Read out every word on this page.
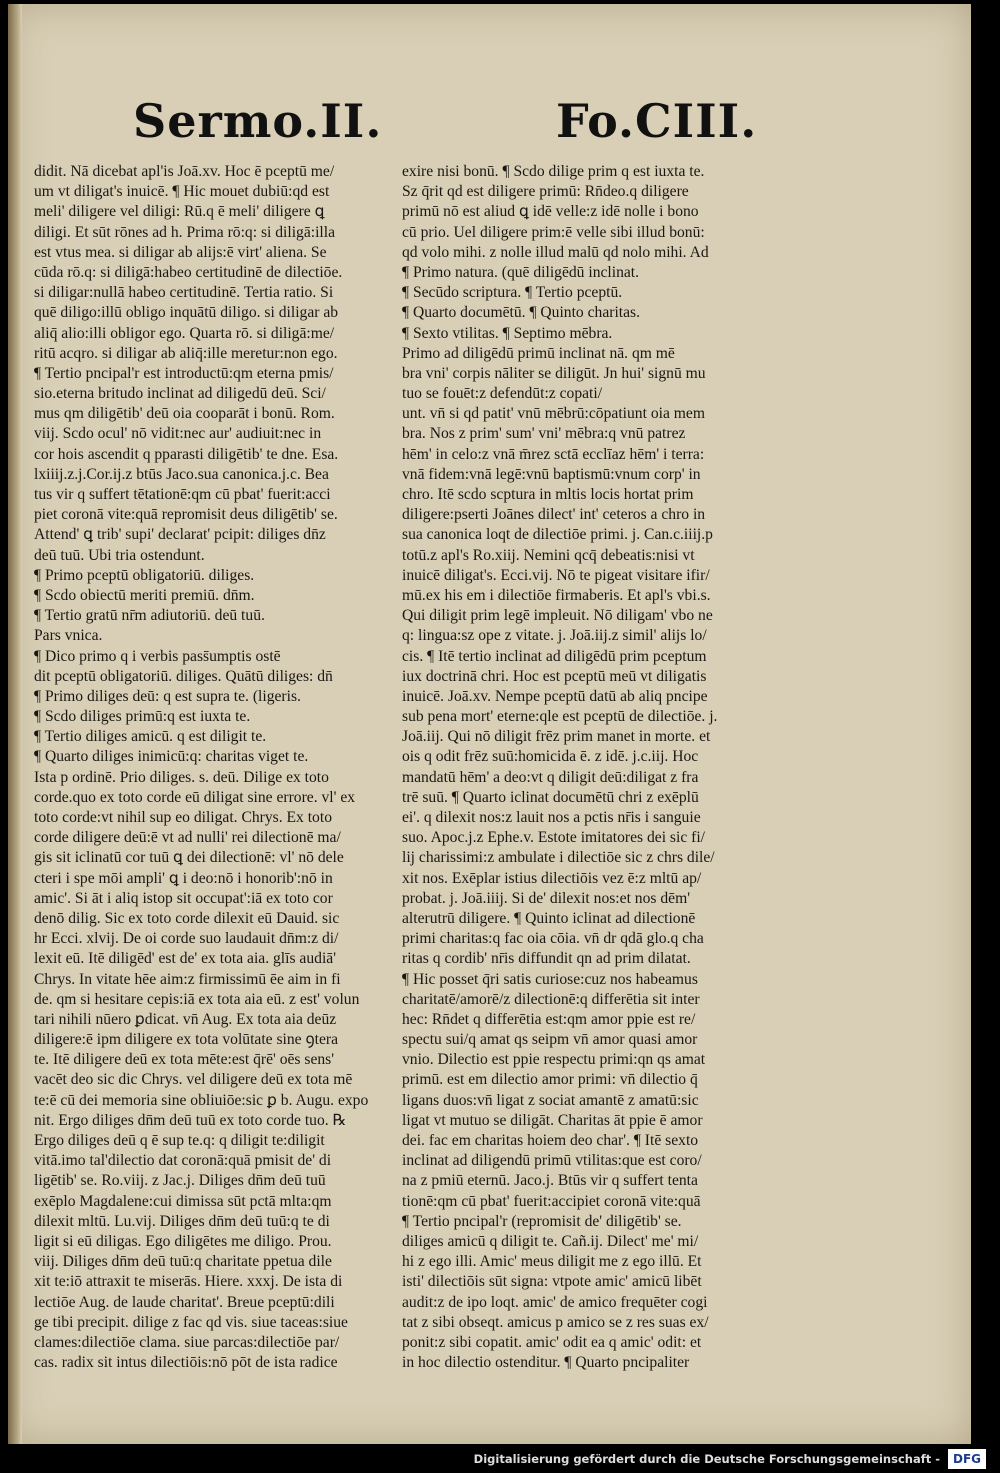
Sermo.II.	Fo.CIII.
didit. Nā dicebat apl'is Joā.xv. Hoc ē pceptū me/
um vt diligat's inuicē. ¶ Hic mouet dubiū:qd est
meli' diligere vel diligi: Rū.q ē meli' diligere ꝗ
diligi. Et sūt rōnes ad h. Prima rō:q: si diligā:illa
est vtus mea. si diligar ab alijs:ē virt' aliena. Se
cūda rō.q: si diligā:habeo certitudinē de dilectiōe.
si diligar:nullā habeo certitudinē. Tertia ratio. Si
quē diligo:illū obligo inquātū diligo. si diligar ab
aliq̄ alio:illi obligor ego. Quarta rō. si diligā:me/
ritū acqro. si diligar ab aliq̄:ille meretur:non ego.
¶ Tertio pncipal'r est introductū:qm eterna pmis/
sio.eterna britudo inclinat ad diligedū deū. Sci/
mus qm diligētib' deū oia cooparāt i bonū. Rom.
viij. Scdo ocul' nō vidit:nec aur' audiuit:nec in
cor hois ascendit q pparasti diligētib' te dne. Esa.
lxiiij.z.j.Cor.ij.z btūs Jaco.sua canonica.j.c. Bea
tus vir q suffert tētationē:qm cū pbat' fuerit:acci
piet coronā vite:quā repromisit deus diligētib' se.
Attend' ꝗ trib' supi' declarat' pcipit: diliges dn̄z
deū tuū. Ubi tria ostendunt.
¶ Primo pceptū obligatoriū. diliges.
¶ Scdo obiectū meriti premiū. dn̄m.
¶ Tertio gratū nr̄m adiutoriū. deū tuū.
Pars vnica.
¶ Dico primo q i verbis pass̄umptis ostē
dit pceptū obligatoriū. diliges. Quātū diliges: dn̄
¶ Primo diliges deū: q est supra te. (ligeris.
¶ Scdo diliges primū:q est iuxta te.
¶ Tertio diliges amicū. q est diligit te.
¶ Quarto diliges inimicū:q: charitas viget te.
Ista p ordinē. Prio diliges. s. deū. Dilige ex toto
corde.quo ex toto corde eū diligat sine errore. vl' ex
toto corde:vt nihil sup eo diligat. Chrys. Ex toto
corde diligere deū:ē vt ad nulli' rei dilectionē ma/
gis sit iclinatū cor tuū ꝗ dei dilectionē: vl' nō dele
cteri i spe mōi ampli' ꝗ i deo:nō i honorib':nō in
amic'. Si āt i aliq istop sit occupat':iā ex toto cor
denō dilig. Sic ex toto corde dilexit eū Dauid. sic
hr Ecci. xlvij. De oi corde suo laudauit dn̄m:z di/
lexit eū. Itē diligēd' est de' ex tota aia. glīs audiā'
Chrys. In vitate hēe aim:z firmissimū ēe aim in fi
de. qm si hesitare cepis:iā ex tota aia eū. z est' volun
tari nihili nūero ꝑdicat. vn̄ Aug. Ex tota aia deūz
diligere:ē ipm diligere ex tota volūtate sine ꝯtera
te. Itē diligere deū ex tota mēte:est q̄rē' oēs sens'
vacēt deo sic dic Chrys. vel diligere deū ex tota mē
te:ē cū dei memoria sine obliuiōe:sic ꝑ b. Augu. expo
nit. Ergo diliges dn̄m deū tuū ex toto corde tuo. ℞
Ergo diliges deū q ē sup te.q: q diligit te:diligit
vitā.imo tal'dilectio dat coronā:quā pmisit de' di
ligētib' se. Ro.viij. z Jac.j. Diliges dn̄m deū tuū
exēplo Magdalene:cui dimissa sūt pctā mlta:qm
dilexit mltū. Lu.vij. Diliges dn̄m deū tuū:q te di
ligit si eū diligas. Ego diligētes me diligo. Prou.
viij. Diliges dn̄m deū tuū:q charitate ppetua dile
xit te:iō attraxit te miserās. Hiere. xxxj. De ista di
lectiōe Aug. de laude charitat'. Breue pceptū:dili
ge tibi precipit. dilige z fac qd vis. siue taceas:siue
clames:dilectiōe clama. siue parcas:dilectiōe par/
cas. radix sit intus dilectiōis:nō pōt de ista radice
exire nisi bonū. ¶ Scdo dilige prim q est iuxta te.
Sz q̄rit qd est diligere primū: Rn̄deo.q diligere
primū nō est aliud ꝗ idē velle:z idē nolle i bono
cū prio. Uel diligere prim:ē velle sibi illud bonū:
qd volo mihi. z nolle illud malū qd nolo mihi. Ad
¶ Primo natura. (quē diligēdū inclinat.
¶ Secūdo scriptura. ¶ Tertio pceptū.
¶ Quarto documētū. ¶ Quinto charitas.
¶ Sexto vtilitas. ¶ Septimo mēbra.
Primo ad diligēdū primū inclinat nā. qm mē
bra vni' corpis nāliter se diligūt. Jn hui' signū mu
tuo se fouēt:z defendūt:z copati/
unt. vn̄ si qd patit' vnū mēbrū:cōpatiunt oia mem
bra. Nos z prim' sum' vni' mēbra:q vnū patrez
hēm' in celo:z vnā m̄rez sctā ecclīaz hēm' i terra:
vnā fidem:vnā legē:vnū baptismū:vnum corp' in
chro. Itē scdo scptura in mltis locis hortat prim
diligere:pserti Joānes dilect' int' ceteros a chro in
sua canonica loqt de dilectiōe primi. j. Can.c.iiij.p
totū.z apl's Ro.xiij. Nemini qcq̄ debeatis:nisi vt
inuicē diligat's. Ecci.vij. Nō te pigeat visitare ifir/
mū.ex his em i dilectiōe firmaberis. Et apl's vbi.s.
Qui diligit prim legē impleuit. Nō diligam' vbo ne
q: lingua:sz ope z vitate. j. Joā.iij.z simil' alijs lo/
cis. ¶ Itē tertio inclinat ad diligēdū prim pceptum
iux doctrinā chri. Hoc est pceptū meū vt diligatis
inuicē. Joā.xv. Nempe pceptū datū ab aliq pncipe
sub pena mort' eterne:qle est pceptū de dilectiōe. j.
Joā.iij. Qui nō diligit frēz prim manet in morte. et
ois q odit frēz suū:homicida ē. z idē. j.c.iij. Hoc
mandatū hēm' a deo:vt q diligit deū:diligat z fra
trē suū. ¶ Quarto iclinat documētū chri z exēplū
ei'. q dilexit nos:z lauit nos a pctis nr̄is i sanguie
suo. Apoc.j.z Ephe.v. Estote imitatores dei sic fi/
lij charissimi:z ambulate i dilectiōe sic z chrs dile/
xit nos. Exēplar istius dilectiōis vez ē:z mltū ap/
probat. j. Joā.iiij. Si de' dilexit nos:et nos dēm'
alterutrū diligere. ¶ Quinto iclinat ad dilectionē
primi charitas:q fac oia cōia. vn̄ dr qdā glo.q cha
ritas q cordib' nr̄is diffundit qn ad prim dilatat.
¶ Hic posset q̄ri satis curiose:cuz nos habeamus
charitatē/amorē/z dilectionē:q differētia sit inter
hec: Rn̄det q differētia est:qm amor ppie est re/
spectu sui/q amat qs seipm vn̄ amor quasi amor
vnio. Dilectio est ppie respectu primi:qn qs amat
primū. est em dilectio amor primi: vn̄ dilectio q̄
ligans duos:vn̄ ligat z sociat amantē z amatū:sic
ligat vt mutuo se diligāt. Charitas āt ppie ē amor
dei. fac em charitas hoiem deo char'. ¶ Itē sexto
inclinat ad diligendū primū vtilitas:que est coro/
na z pmiū eternū. Jaco.j. Btūs vir q suffert tenta
tionē:qm cū pbat' fuerit:accipiet coronā vite:quā
¶ Tertio pncipal'r (repromisit de' diligētib' se.
diliges amicū q diligit te. Cañ.ij. Dilect' me' mi/
hi z ego illi. Amic' meus diligit me z ego illū. Et
isti' dilectiōis sūt signa: vtpote amic' amicū libēt
audit:z de ipo loqt. amic' de amico frequēter cogi
tat z sibi obseqt. amicus p amico se z res suas ex/
ponit:z sibi copatit. amic' odit ea q amic' odit: et
in hoc dilectio ostenditur. ¶ Quarto pncipaliter
Digitalisierung gefördert durch die Deutsche Forschungsgemeinschaft -	DFG
